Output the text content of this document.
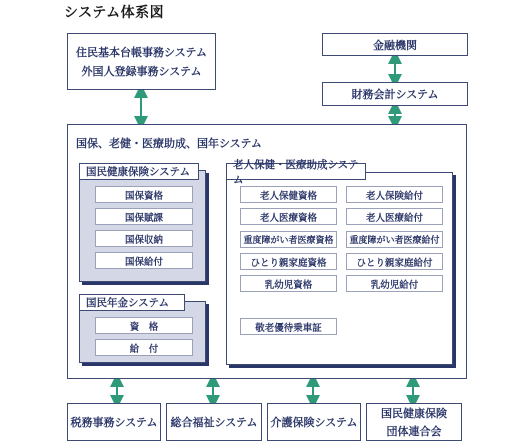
システム体系図
住民基本台帳事務システム
外国人登録事務システム
金融機関
財務会計システム
国保、老健・医療助成、国年システム
国民健康保険システム
国保資格
国保賦課
国保収納
国保給付
国民年金システム
資　格
給　付
老人保健・医療助成システム
老人保健資格
老人医療資格
重度障がい者医療資格
ひとり親家庭資格
乳幼児資格
老人保険給付
老人医療給付
重度障がい者医療給付
ひとり親家庭給付
乳幼児給付
敬老優待乗車証
税務事務システム	総合福祉システム	介護保険システム
国民健康保険
団体連合会
